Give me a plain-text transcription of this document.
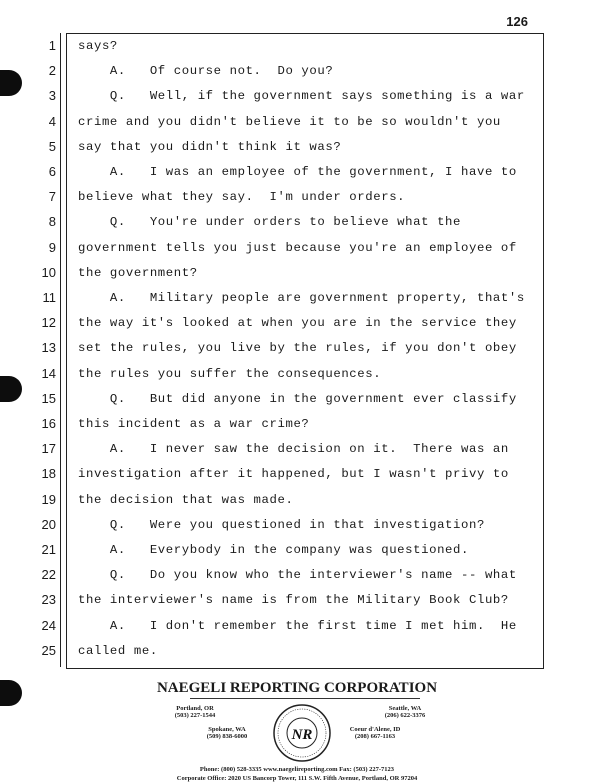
126
1 says?
2 A.   Of course not.  Do you?
3 Q.   Well, if the government says something is a war
4 crime and you didn't believe it to be so wouldn't you
5 say that you didn't think it was?
6 A.   I was an employee of the government, I have to
7 believe what they say.  I'm under orders.
8 Q.   You're under orders to believe what the
9 government tells you just because you're an employee of
10 the government?
11 A.   Military people are government property, that's
12 the way it's looked at when you are in the service they
13 set the rules, you live by the rules, if you don't obey
14 the rules you suffer the consequences.
15 Q.   But did anyone in the government ever classify
16 this incident as a war crime?
17 A.   I never saw the decision on it.  There was an
18 investigation after it happened, but I wasn't privy to
19 the decision that was made.
20 Q.   Were you questioned in that investigation?
21 A.   Everybody in the company was questioned.
22 Q.   Do you know who the interviewer's name -- what
23 the interviewer's name is from the Military Book Club?
24 A.   I don't remember the first time I met him.  He
25 called me.
NAEGELI REPORTING CORPORATION
Portland, OR
(503) 227-1544
Seattle, WA
(206) 622-3376
Spokane, WA
(509) 838-6000
Coeur d'Alene, ID
(208) 667-1163
NR
Phone: (800) 528-3335 www.naegelireporting.com Fax: (503) 227-7123
Corporate Office: 2020 US Bancorp Tower, 111 S.W. Fifth Avenue, Portland, OR 97204
